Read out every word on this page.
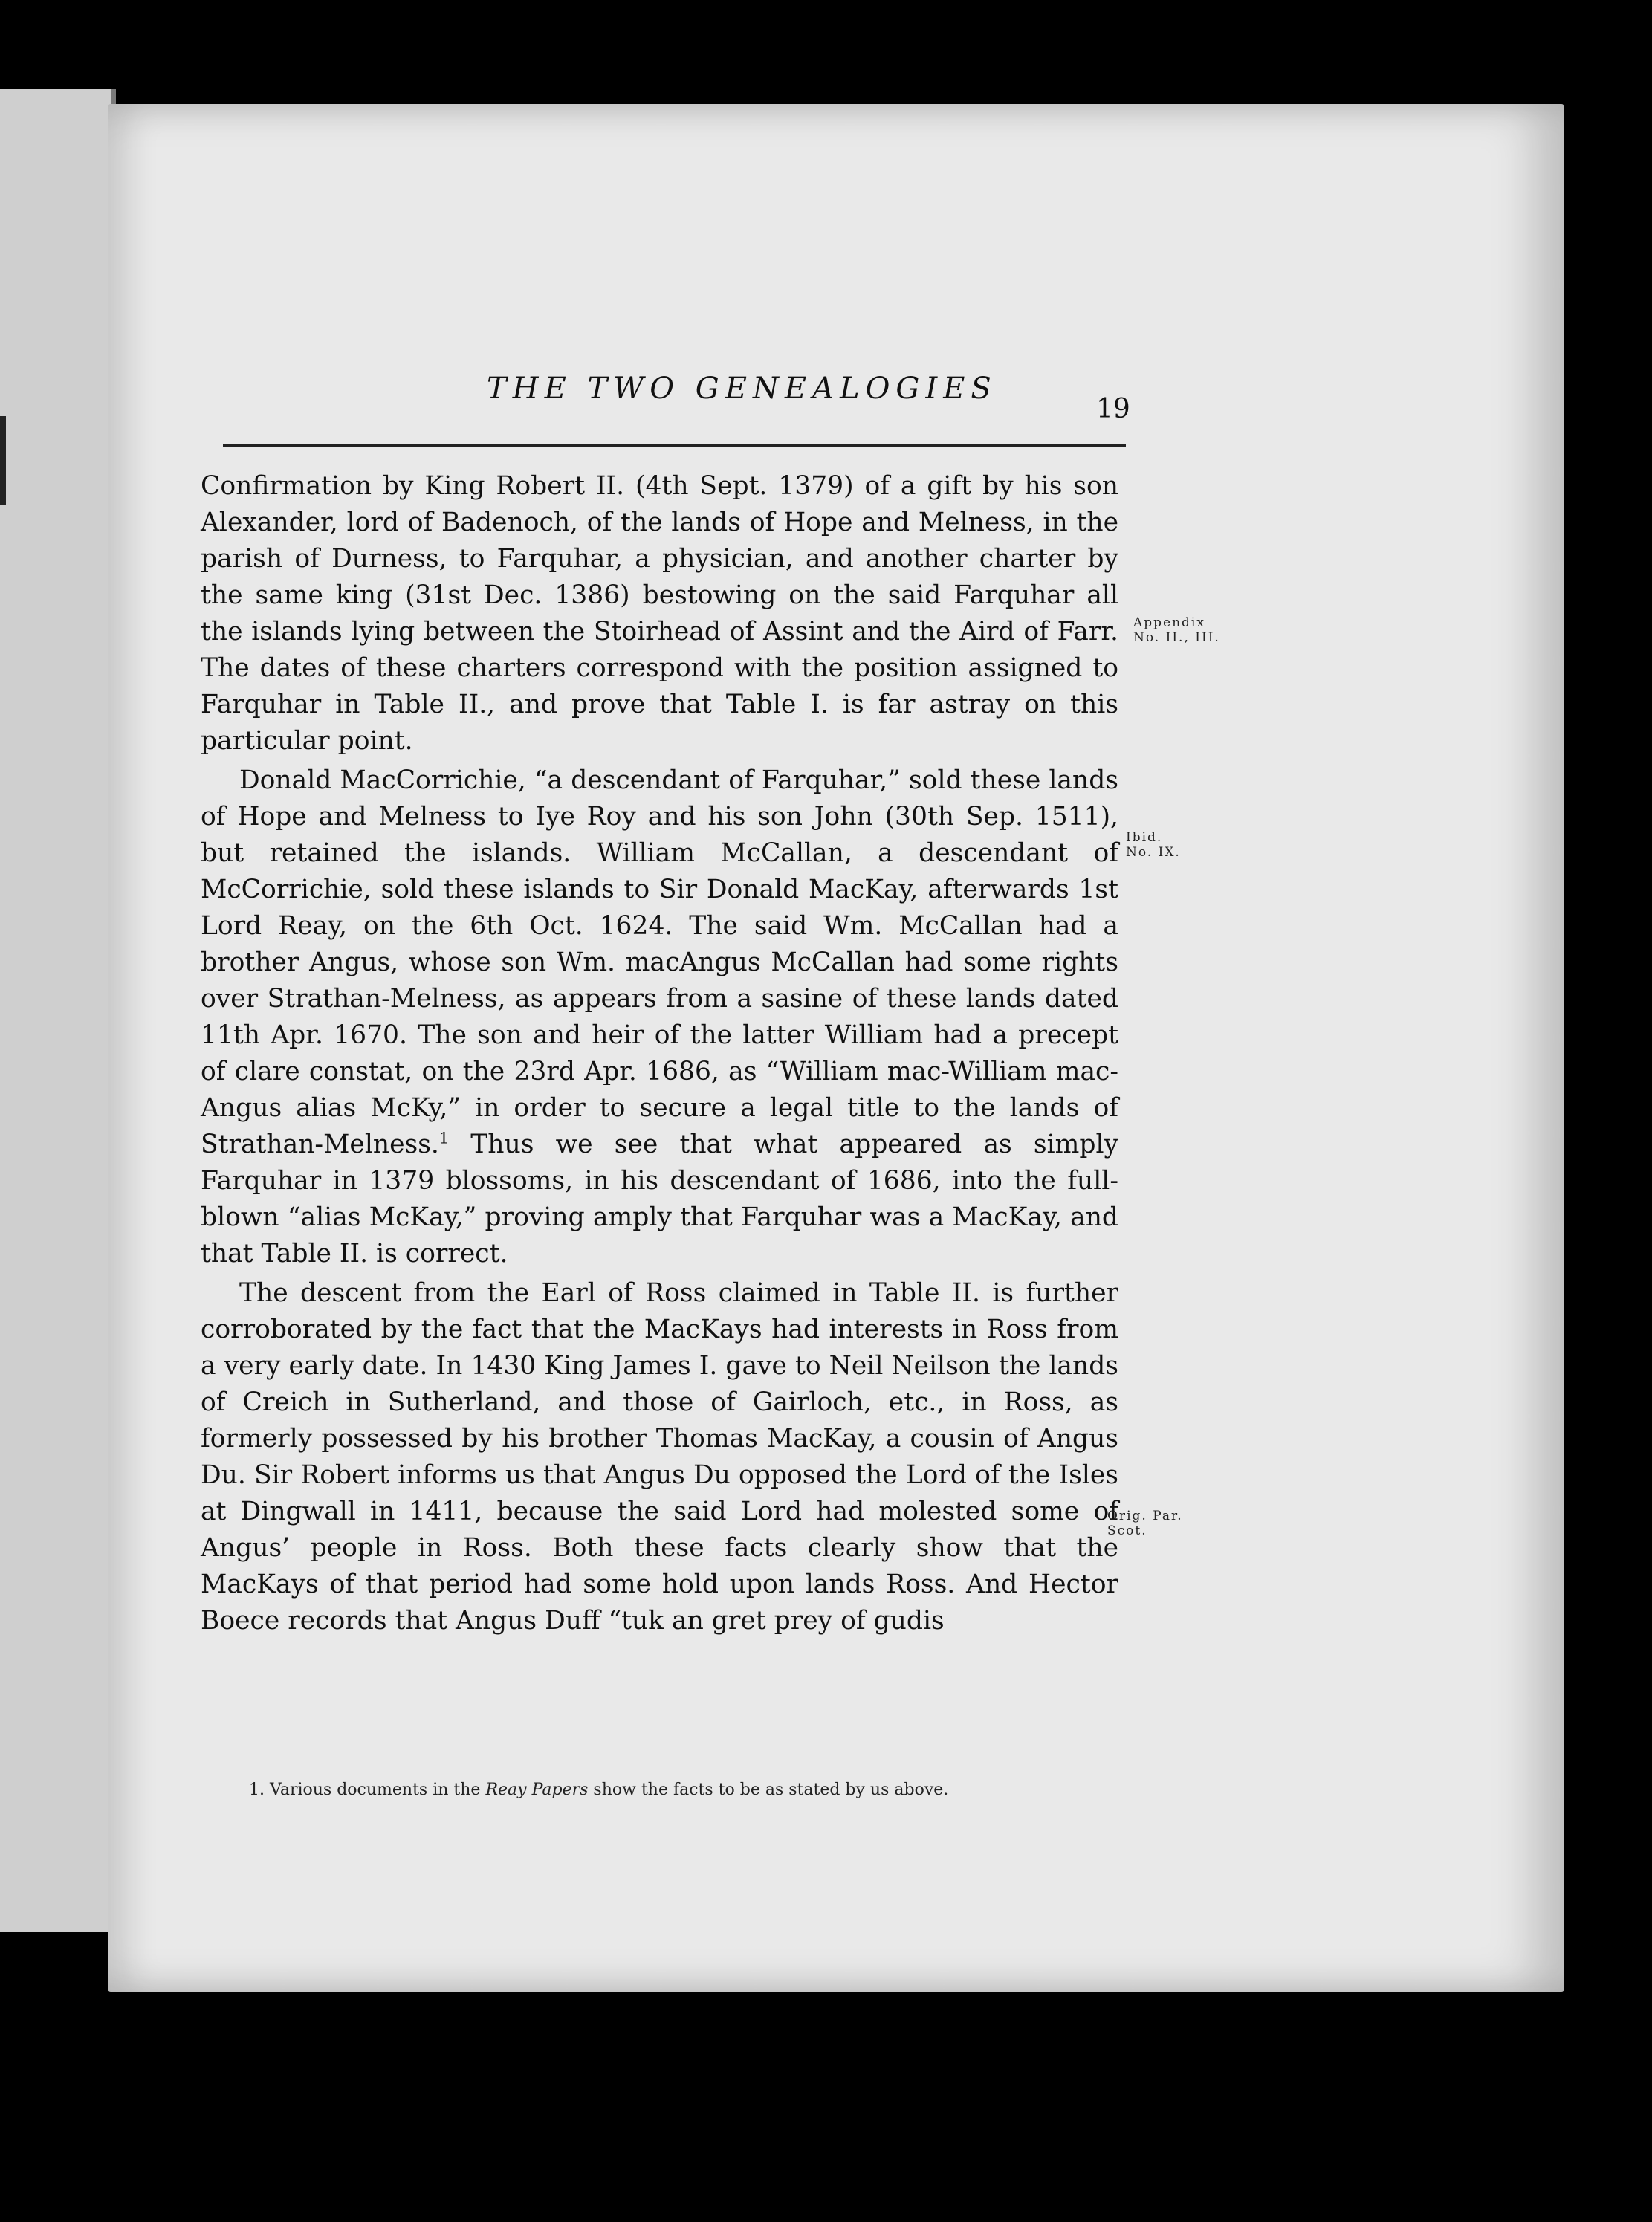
THE TWO GENEALOGIES
19

Confirmation by King Robert II. (4th Sept. 1379) of a gift by his son Alexander, lord of Badenoch, of the lands of Hope and Melness, in the parish of Durness, to Farquhar, a physician, and another charter by the same king (31st Dec. 1386) bestowing on the said Farquhar all the islands lying between the Stoirhead of Assint and the Aird of Farr. The dates of these charters correspond with the position assigned to Farquhar in Table II., and prove that Table I. is far astray on this particular point.

Donald MacCorrichie, “a descendant of Farquhar,” sold these lands of Hope and Melness to Iye Roy and his son John (30th Sep. 1511), but retained the islands. William McCallan, a descendant of McCorrichie, sold these islands to Sir Donald MacKay, afterwards 1st Lord Reay, on the 6th Oct. 1624. The said Wm. McCallan had a brother Angus, whose son Wm. macAngus McCallan had some rights over Strathan-Melness, as appears from a sasine of these lands dated 11th Apr. 1670. The son and heir of the latter William had a precept of clare constat, on the 23rd Apr. 1686, as “William mac-William mac-Angus alias McKy,” in order to secure a legal title to the lands of Strathan-Melness.$^1$ Thus we see that what appeared as simply Farquhar in 1379 blossoms, in his descendant of 1686, into the full-blown “alias McKay,” proving amply that Farquhar was a MacKay, and that Table II. is correct.

The descent from the Earl of Ross claimed in Table II. is further corroborated by the fact that the MacKays had interests in Ross from a very early date. In 1430 King James I. gave to Neil Neilson the lands of Creich in Sutherland, and those of Gairloch, etc., in Ross, as formerly possessed by his brother Thomas MacKay, a cousin of Angus Du. Sir Robert informs us that Angus Du opposed the Lord of the Isles at Dingwall in 1411, because the said Lord had molested some of Angus’ people in Ross. Both these facts clearly show that the MacKays of that period had some hold upon lands Ross. And Hector Boece records that Angus Duff “tuk an gret prey of gudis

Appendix
No. II., III.
Ibid.
No. IX.
Orig. Par.
Scot.
1. Various documents in the Reay Papers show the facts to be as stated by us above.
